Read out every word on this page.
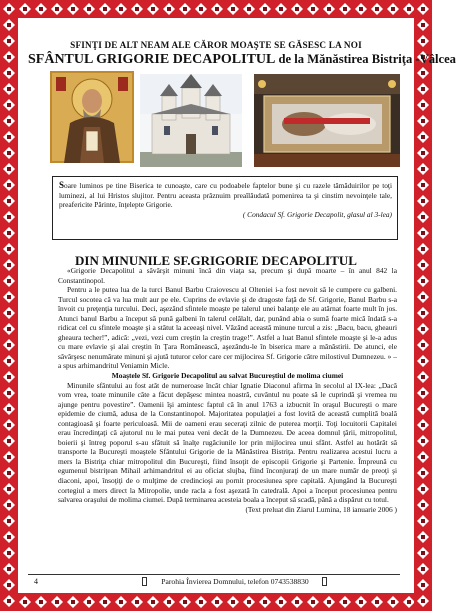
SFINŢI DE ALT NEAM ALE CĂROR MOAŞTE SE GĂSESC LA NOI
SFÂNTUL GRIGORIE DECAPOLITUL de la Mănăstirea Bistriţa -Vâlcea
Soare luminos pe tine Biserica te cunoaşte, care cu podoabele faptelor bune şi cu razele tămăduirilor pe toţi luminezi, al lui Hristos slujitor. Pentru aceasta prăznuim preaîlăudată pomenirea ta şi cinstim nevoinţele tale, preafericite Părinte, înţelepte Grigorie.
( Condacul Sf. Grigorie Decapolit, glasul al 3-lea)
DIN MINUNILE SF.GRIGORIE DECAPOLITUL

«Grigorie Decapolitul a săvârşit minuni încă din viaţa sa, precum şi după moarte – în anul 842 la Constantinopol.

Pentru a le putea lua de la turci Banul Barbu Craiovescu al Olteniei i-a fost nevoit să le cumpere cu galbeni. Turcul socotea că va lua mult aur pe ele. Cuprins de evlavie şi de dragoste faţă de Sf. Grigorie, Banul Barbu s-a învoit cu preţenţia turcului. Deci, aşezând sfintele moaşte pe talerul unei balanţe ele au atârnat foarte mult în jos. Atunci banul Barbu a început să pună galbeni în talerul celălalt, dar, punând abia o sumă foarte mică îndată s-a ridicat cel cu sfintele moaşte şi a stătut la aceeaşi nivel. Văzând această minune turcul a zis: „Bacu, bacu, gheauri gheaura techer!”, adică: „vezi, vezi cum creştin la creştin trage!”. Astfel a luat Banul sfintele moaşte şi le-a adus cu mare evlavie şi alai creştin în Ţara Românească, aşezându-le în biserica mare a mănăstirii. De atunci, ele săvârşesc nenumărate minuni şi ajută tuturor celor care cer mijlocirea Sf. Grigorie către milostivul Dumnezeu. » – a spus arhimandritul Veniamin Micle.

Moaştele Sf. Grigorie Decapolitul au salvat Bucureştiul de molima ciumei

Minunile sfântului au fost atât de numeroase încât chiar Ignatie Diaconul afirma în secolul al IX-lea: „Dacă vom vrea, toate minunile câte a făcut depăşesc mintea noastră, cuvântul nu poate să le cuprindă şi vremea nu ajunge pentru povestire”. Oamenii îşi amintesc faptul că în anul 1763 a izbucnit în oraşul Bucureşti o mare epidemie de ciumă, adusa de la Constantinopol. Majoritatea populaţiei a fost lovită de această cumplită boală contagioasă şi foarte periculoasă. Mii de oameni erau seceraţi zilnic de puterea morţii. Toţi locuitorii Capitalei erau încredinţaţi că ajutorul nu le mai putea veni decât de la Dumnezeu. De aceea domnul ţării, mitropolitul, boierii şi întreg poporul s-au sfătuit să înalţe rugăciunile lor prin mijlocirea unui sfânt. Astfel au hotărât să transporte la Bucureşti moaştele Sfântului Grigorie de la Mănăstirea Bistriţa. Pentru realizarea acestui lucru a mers la Bistriţa chiar mitropolitul din Bucureşti, fiind însoţit de episcopii Grigorie şi Partenie. Împreună cu egumenul bistriţean Mihail arhimandritul ei au oficiat slujba, fiind înconjuraţi de un mare număr de preoţi şi diaconi, apoi, însoţiţi de o mulţime de credincioşi au pornit procesiunea spre capitală. Ajungând la Bucureşti cortegiul a mers direct la Mitropolie, unde racla a fost aşezată în catedrală. Apoi a început procesiunea pentru salvarea oraşului de molima ciumei. După terminarea acesteia boala a început să scadă, până a dispărut cu totul.

(Text preluat din Ziarul Lumina, 18 ianuarie 2006 )

4	Parohia Învierea Domnului, telefon 0743538830
